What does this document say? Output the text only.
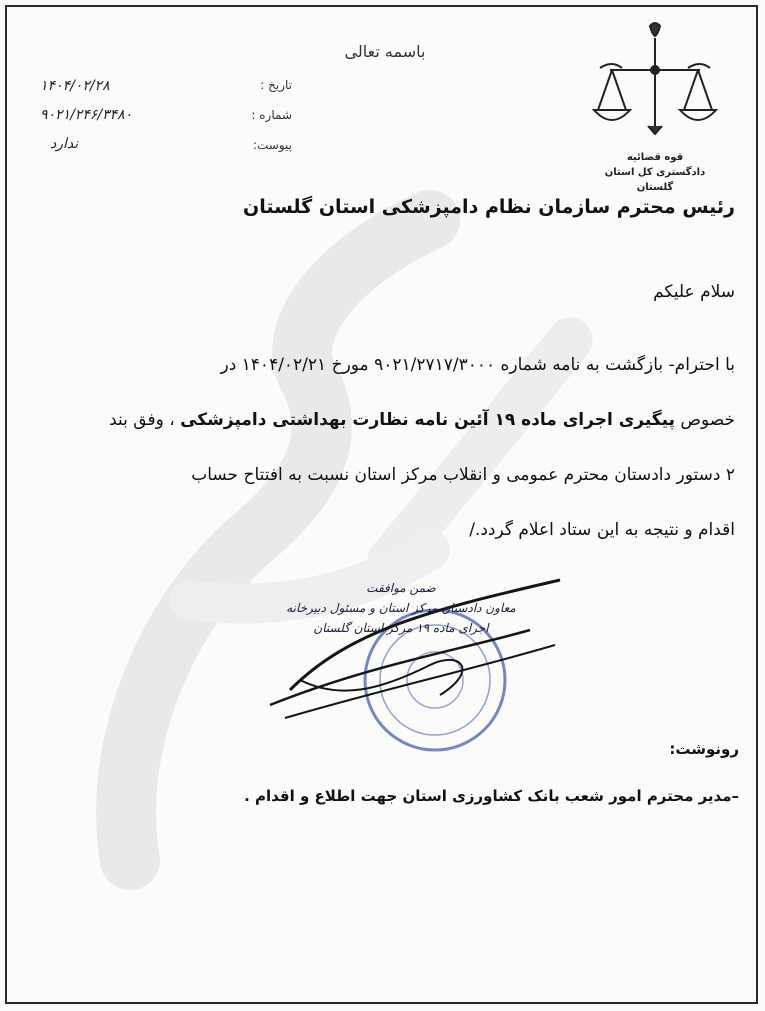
باسمه تعالی
تاریخ :
شماره :
پیوست:
۱۴۰۴/۰۲/۲۸
۹۰۲۱/۲۴۶/۳۴۸۰
ندارد
قوه قضائیه
دادگستری کل استان گلستان
رئیس محترم سازمان نظام دامپزشکی استان گلستان
سلام علیکم
با احترام- بازگشت به نامه شماره ۹۰۲۱/۲۷۱۷/۳۰۰۰ مورخ ۱۴۰۴/۰۲/۲۱ در
خصوص پیگیری اجرای ماده ۱۹ آئین نامه نظارت بهداشتی دامپزشکی ، وفق بند
۲ دستور دادستان محترم عمومی و انقلاب مرکز استان نسبت به افتتاح حساب
اقدام و نتیجه به این ستاد اعلام گردد./
ضمن موافقت
معاون دادستان مرکز استان و مسئول دبیرخانه
اجرای ماده ۱۹ مرکز استان گلستان
رونوشت:
–مدیر محترم امور شعب بانک کشاورزی استان جهت اطلاع و اقدام .
